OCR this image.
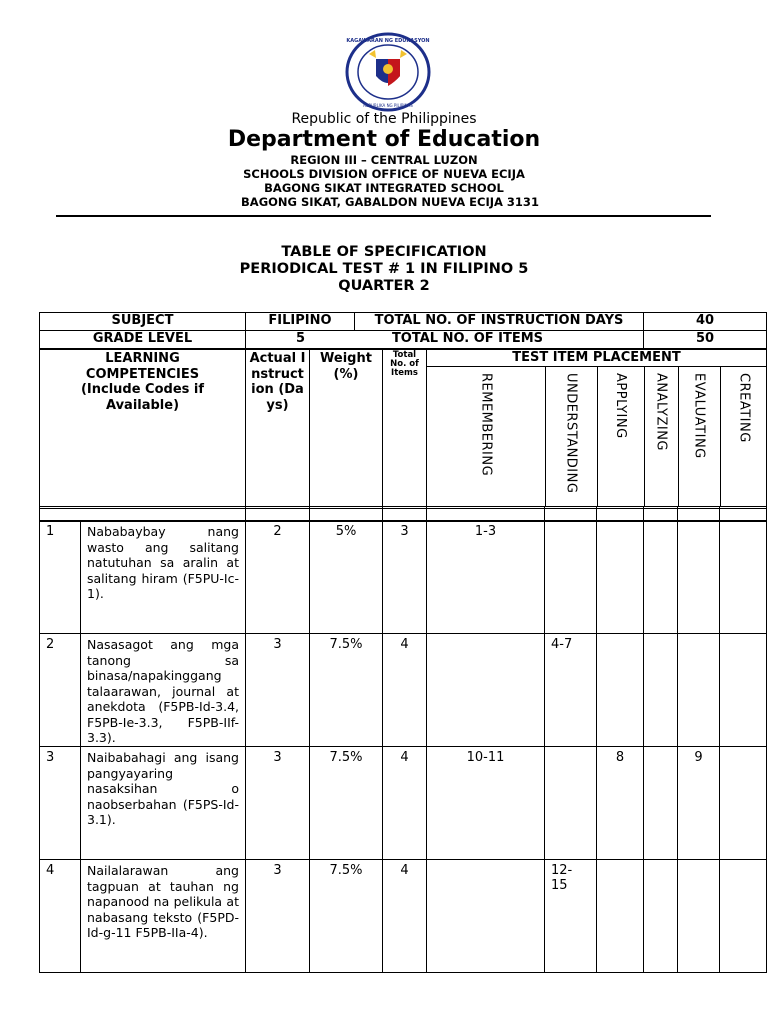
KAGAWARAN NG EDUKASYON
REPUBLIKA NG PILIPINAS
Republic of the Philippines
Department of Education
REGION III – CENTRAL LUZON
SCHOOLS DIVISION OFFICE OF NUEVA ECIJA
BAGONG SIKAT INTEGRATED SCHOOL
BAGONG SIKAT, GABALDON NUEVA ECIJA 3131
TABLE OF SPECIFICATION
PERIODICAL TEST # 1 IN FILIPINO 5
QUARTER 2
SUBJECT	FILIPINO	TOTAL NO. OF INSTRUCTION DAYS	40
GRADE LEVEL	5 TOTAL NO. OF ITEMS		50
LEARNING COMPETENCIES (Include Codes if Available)	Actual Instruction (Days)	Weight (%)	Total No. of Items	
TEST ITEM PLACEMENT
REMEMBERING	UNDERSTANDING	APPLYING	ANALYZING	EVALUATING	CREATING

1	Nababaybay nang wasto ang salitang natutuhan sa aralin at salitang hiram (F5PU-Ic-1).	2	5%	3	1-3					
2	Nasasagot ang mga tanong sa binasa/napakinggang talaarawan, journal at anekdota (F5PB-Id-3.4, F5PB-Ie-3.3, F5PB-IIf-3.3).	3	7.5%	4		4-7				
3	Naibabahagi ang isang pangyayaring nasaksihan o naobserbahan (F5PS-Id-3.1).	3	7.5%	4	10-11		8		9	
4	Nailalarawan ang tagpuan at tauhan ng napanood na pelikula at nabasang teksto (F5PD-Id-g-11 F5PB-IIa-4).	3	7.5%	4		12-15				
